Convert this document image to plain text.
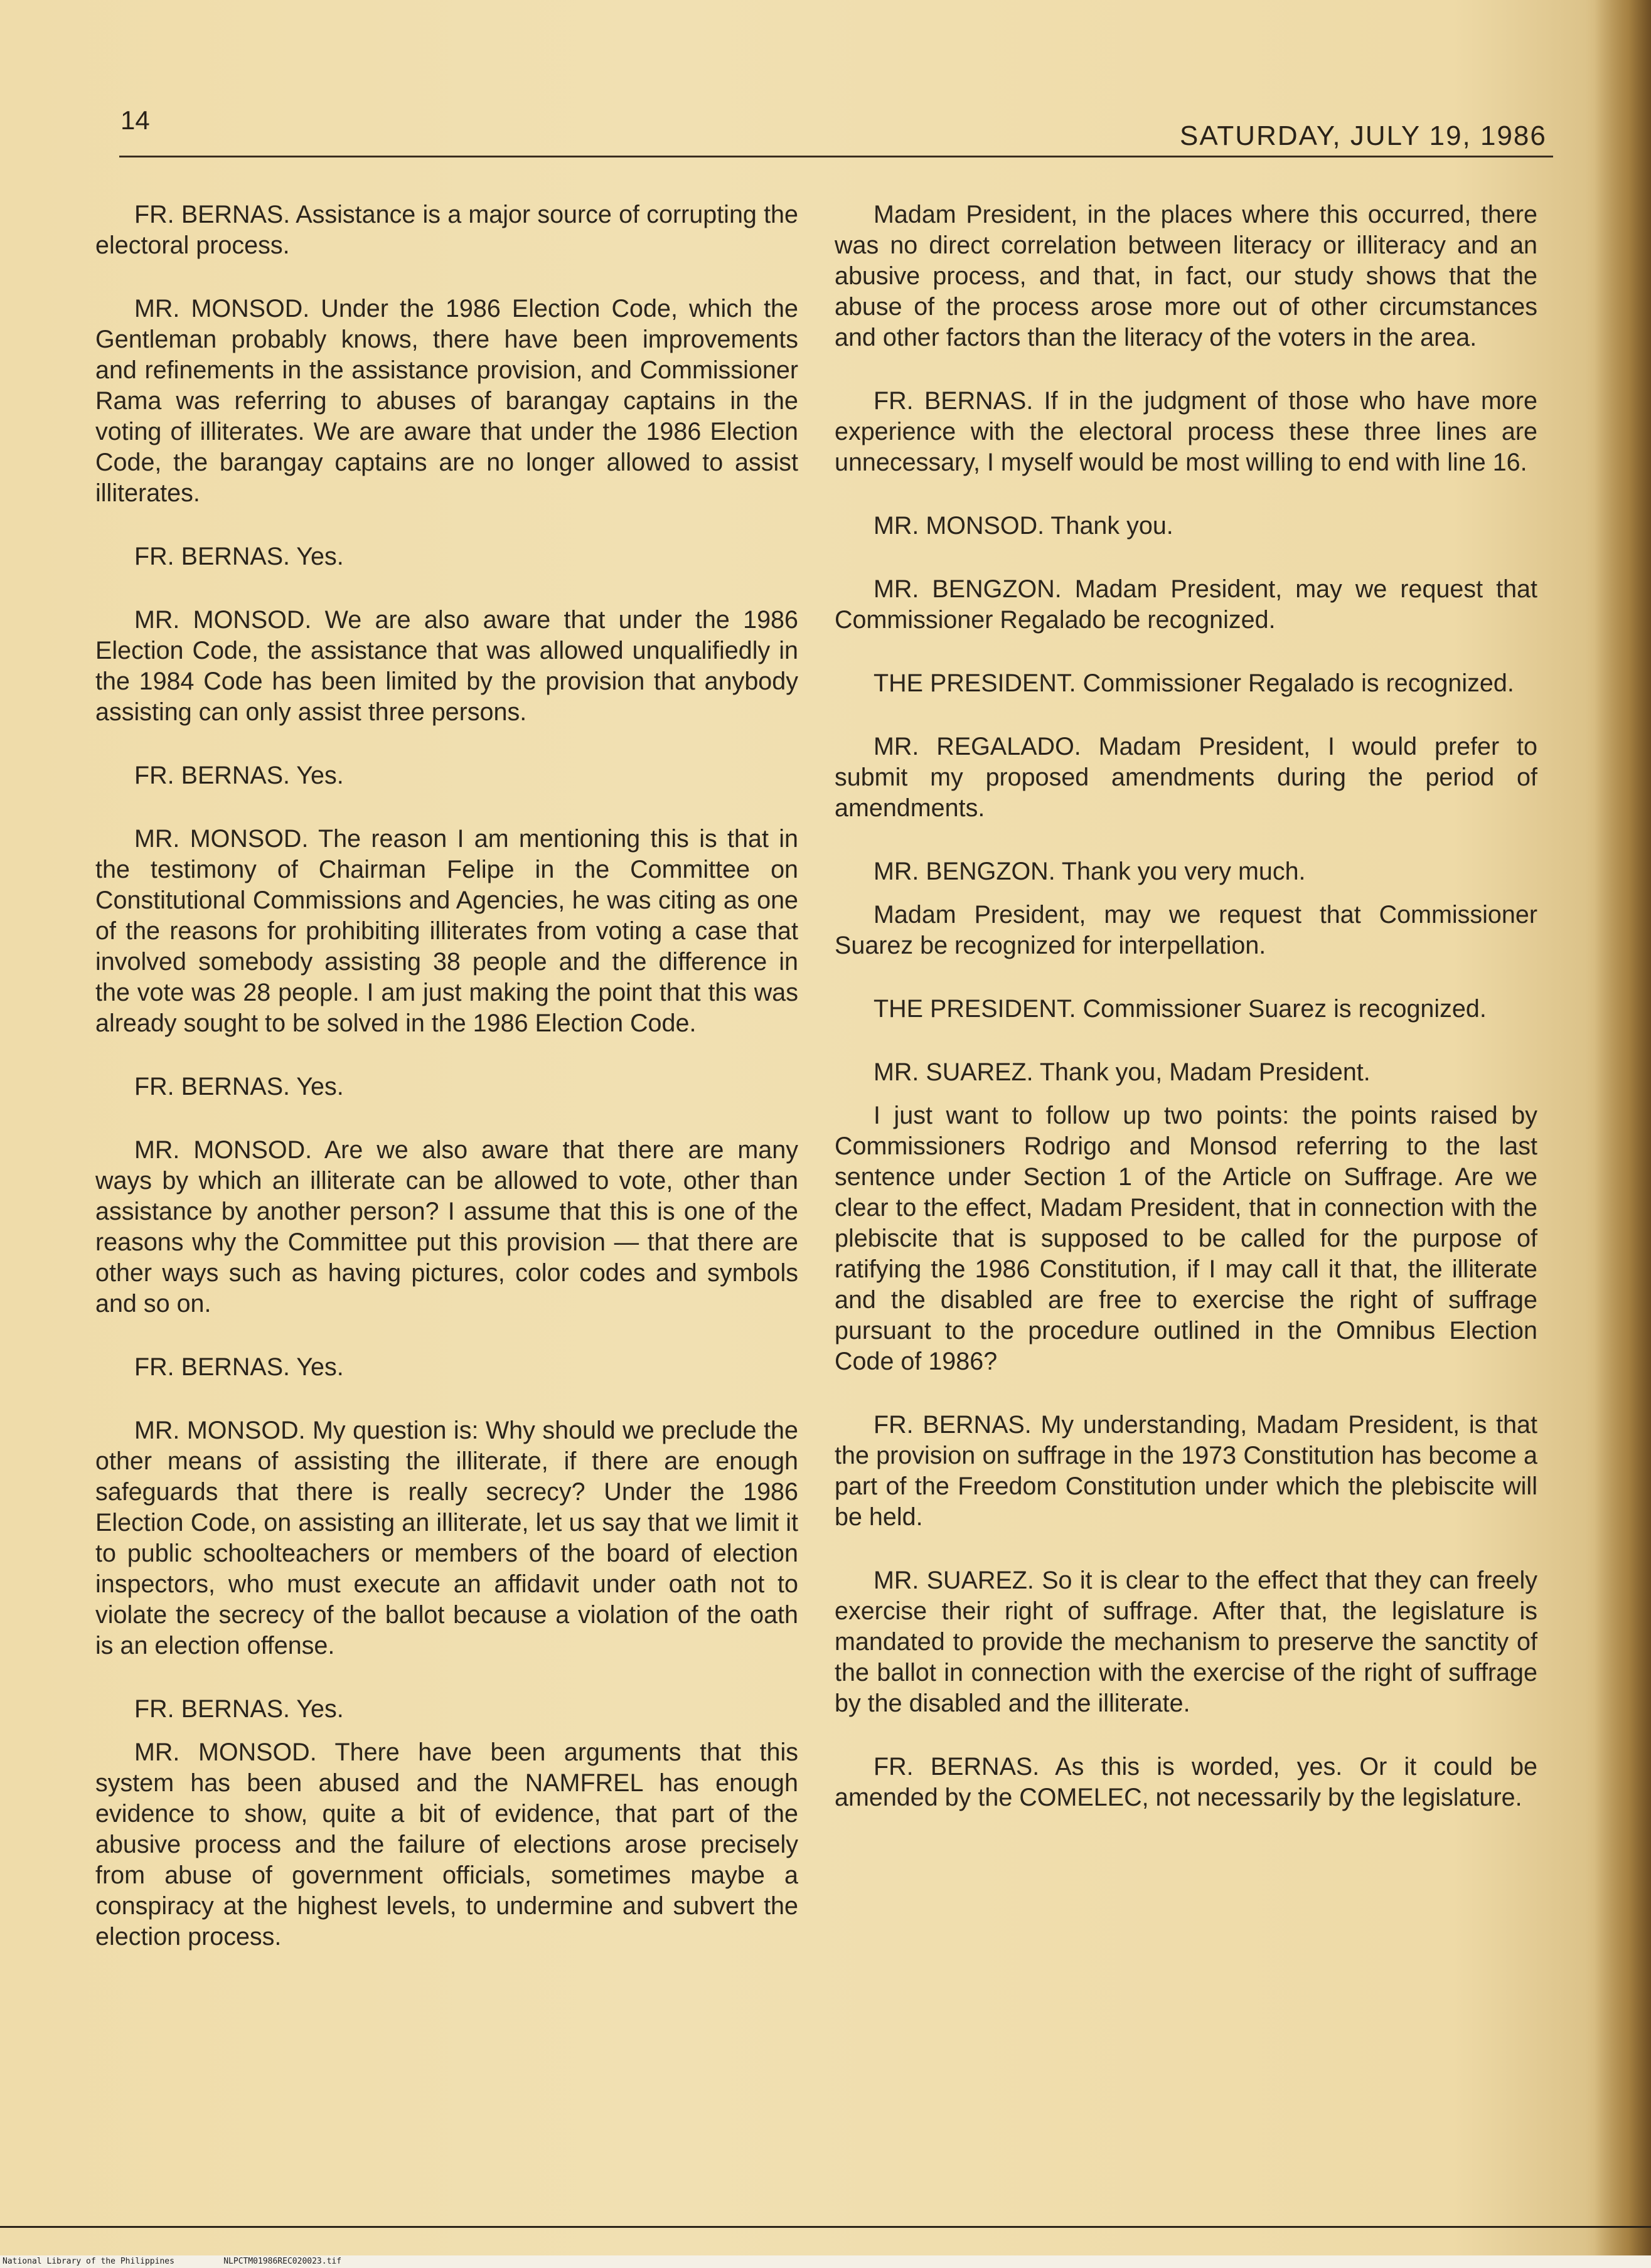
14
SATURDAY, JULY 19, 1986

FR. BERNAS. Assistance is a major source of corrupting the electoral process.

MR. MONSOD. Under the 1986 Election Code, which the Gentleman probably knows, there have been improvements and refinements in the assistance provision, and Commissioner Rama was referring to abuses of barangay captains in the voting of illiterates. We are aware that under the 1986 Election Code, the barangay captains are no longer allowed to assist illiterates.

FR. BERNAS. Yes.

MR. MONSOD. We are also aware that under the 1986 Election Code, the assistance that was allowed unqualifiedly in the 1984 Code has been limited by the provision that anybody assisting can only assist three persons.

FR. BERNAS. Yes.

MR. MONSOD. The reason I am mentioning this is that in the testimony of Chairman Felipe in the Committee on Constitutional Commissions and Agencies, he was citing as one of the reasons for prohibiting illiterates from voting a case that involved somebody assisting 38 people and the difference in the vote was 28 people. I am just making the point that this was already sought to be solved in the 1986 Election Code.

FR. BERNAS. Yes.

MR. MONSOD. Are we also aware that there are many ways by which an illiterate can be allowed to vote, other than assistance by another person? I assume that this is one of the reasons why the Committee put this provision — that there are other ways such as having pictures, color codes and symbols and so on.

FR. BERNAS. Yes.

MR. MONSOD. My question is: Why should we preclude the other means of assisting the illiterate, if there are enough safeguards that there is really secrecy? Under the 1986 Election Code, on assisting an illiterate, let us say that we limit it to public schoolteachers or members of the board of election inspectors, who must execute an affidavit under oath not to violate the secrecy of the ballot because a violation of the oath is an election offense.

FR. BERNAS. Yes.

MR. MONSOD. There have been arguments that this system has been abused and the NAMFREL has enough evidence to show, quite a bit of evidence, that part of the abusive process and the failure of elections arose precisely from abuse of government officials, sometimes maybe a conspiracy at the highest levels, to undermine and subvert the election process.

Madam President, in the places where this occurred, there was no direct correlation between literacy or illiteracy and an abusive process, and that, in fact, our study shows that the abuse of the process arose more out of other circumstances and other factors than the literacy of the voters in the area.

FR. BERNAS. If in the judgment of those who have more experience with the electoral process these three lines are unnecessary, I myself would be most willing to end with line 16.

MR. MONSOD. Thank you.

MR. BENGZON. Madam President, may we request that Commissioner Regalado be recognized.

THE PRESIDENT. Commissioner Regalado is recognized.

MR. REGALADO. Madam President, I would prefer to submit my proposed amendments during the period of amendments.

MR. BENGZON. Thank you very much.

Madam President, may we request that Commissioner Suarez be recognized for interpellation.

THE PRESIDENT. Commissioner Suarez is recognized.

MR. SUAREZ. Thank you, Madam President.

I just want to follow up two points: the points raised by Commissioners Rodrigo and Monsod referring to the last sentence under Section 1 of the Article on Suffrage. Are we clear to the effect, Madam President, that in connection with the plebiscite that is supposed to be called for the purpose of ratifying the 1986 Constitution, if I may call it that, the illiterate and the disabled are free to exercise the right of suffrage pursuant to the procedure outlined in the Omnibus Election Code of 1986?

FR. BERNAS. My understanding, Madam President, is that the provision on suffrage in the 1973 Constitution has become a part of the Freedom Constitution under which the plebiscite will be held.

MR. SUAREZ. So it is clear to the effect that they can freely exercise their right of suffrage. After that, the legislature is mandated to provide the mechanism to preserve the sanctity of the ballot in connection with the exercise of the right of suffrage by the disabled and the illiterate.

FR. BERNAS. As this is worded, yes. Or it could be amended by the COMELEC, not necessarily by the legislature.

National Library of the Philippines	NLPCTM01986REC020023.tif
